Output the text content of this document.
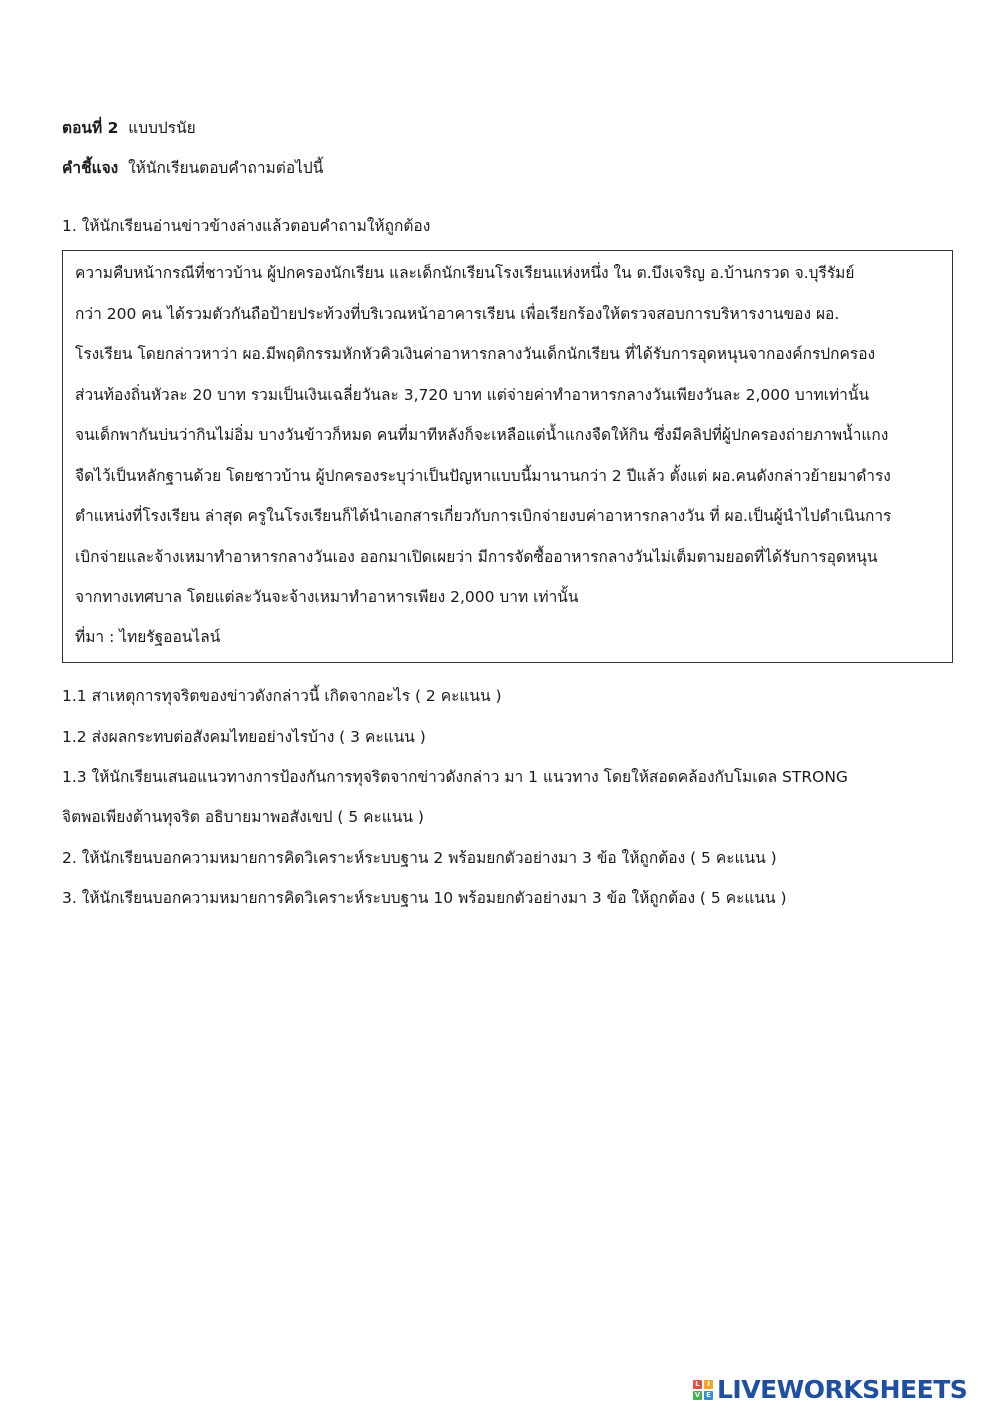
ตอนที่ 2 แบบปรนัย
คำชี้แจง ให้นักเรียนตอบคำถามต่อไปนี้
1. ให้นักเรียนอ่านข่าวข้างล่างแล้วตอบคำถามให้ถูกต้อง
ความคืบหน้ากรณีที่ชาวบ้าน ผู้ปกครองนักเรียน และเด็กนักเรียนโรงเรียนแห่งหนึ่ง ใน ต.บึงเจริญ อ.บ้านกรวด จ.บุรีรัมย์
กว่า 200 คน ได้รวมตัวกันถือป้ายประท้วงที่บริเวณหน้าอาคารเรียน เพื่อเรียกร้องให้ตรวจสอบการบริหารงานของ ผอ.
โรงเรียน โดยกล่าวหาว่า ผอ.มีพฤติกรรมหักหัวคิวเงินค่าอาหารกลางวันเด็กนักเรียน ที่ได้รับการอุดหนุนจากองค์กรปกครอง
ส่วนท้องถิ่นหัวละ 20 บาท รวมเป็นเงินเฉลี่ยวันละ 3,720 บาท แต่จ่ายค่าทำอาหารกลางวันเพียงวันละ 2,000 บาทเท่านั้น
จนเด็กพากันบ่นว่ากินไม่อิ่ม บางวันข้าวก็หมด คนที่มาทีหลังก็จะเหลือแต่น้ำแกงจืดให้กิน ซึ่งมีคลิปที่ผู้ปกครองถ่ายภาพน้ำแกง
จืดไว้เป็นหลักฐานด้วย โดยชาวบ้าน ผู้ปกครองระบุว่าเป็นปัญหาแบบนี้มานานกว่า 2 ปีแล้ว ตั้งแต่ ผอ.คนดังกล่าวย้ายมาดำรง
ตำแหน่งที่โรงเรียน ล่าสุด ครูในโรงเรียนก็ได้นำเอกสารเกี่ยวกับการเบิกจ่ายงบค่าอาหารกลางวัน ที่ ผอ.เป็นผู้นำไปดำเนินการ
เบิกจ่ายและจ้างเหมาทำอาหารกลางวันเอง ออกมาเปิดเผยว่า มีการจัดซื้ออาหารกลางวันไม่เต็มตามยอดที่ได้รับการอุดหนุน
จากทางเทศบาล โดยแต่ละวันจะจ้างเหมาทำอาหารเพียง 2,000 บาท เท่านั้น
ที่มา : ไทยรัฐออนไลน์
1.1 สาเหตุการทุจริตของข่าวดังกล่าวนี้ เกิดจากอะไร ( 2 คะแนน )
1.2 ส่งผลกระทบต่อสังคมไทยอย่างไรบ้าง ( 3 คะแนน )
1.3 ให้นักเรียนเสนอแนวทางการป้องกันการทุจริตจากข่าวดังกล่าว มา 1 แนวทาง โดยให้สอดคล้องกับโมเดล STRONG
จิตพอเพียงต้านทุจริต อธิบายมาพอสังเขป ( 5 คะแนน )
2. ให้นักเรียนบอกความหมายการคิดวิเคราะห์ระบบฐาน 2 พร้อมยกตัวอย่างมา 3 ข้อ ให้ถูกต้อง ( 5 คะแนน )
3. ให้นักเรียนบอกความหมายการคิดวิเคราะห์ระบบฐาน 10 พร้อมยกตัวอย่างมา 3 ข้อ ให้ถูกต้อง ( 5 คะแนน )
L	I
V E LIVEWORKSHEETS
